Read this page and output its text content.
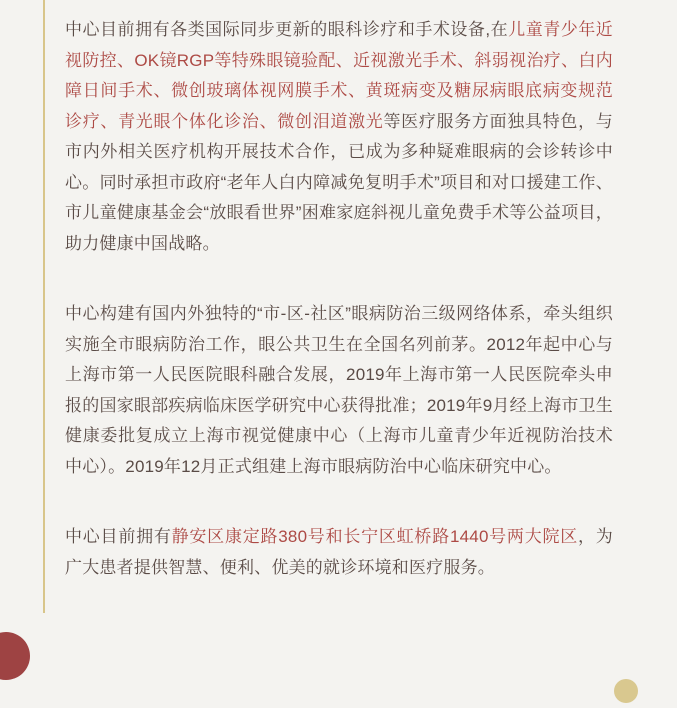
中心目前拥有各类国际同步更新的眼科诊疗和手术设备,在儿童青少年近视防控、OK镜RGP等特殊眼镜验配、近视激光手术、斜弱视治疗、白内障日间手术、微创玻璃体视网膜手术、黄斑病变及糖尿病眼底病变规范诊疗、青光眼个体化诊治、微创泪道激光等医疗服务方面独具特色，与市内外相关医疗机构开展技术合作，已成为多种疑难眼病的会诊转诊中心。同时承担市政府“老年人白内障减免复明手术”项目和对口援建工作、市儿童健康基金会“放眼看世界”困难家庭斜视儿童免费手术等公益项目，助力健康中国战略。

中心构建有国内外独特的“市-区-社区”眼病防治三级网络体系，牵头组织实施全市眼病防治工作，眼公共卫生在全国名列前茅。2012年起中心与上海市第一人民医院眼科融合发展，2019年上海市第一人民医院牵头申报的国家眼部疾病临床医学研究中心获得批准；2019年9月经上海市卫生健康委批复成立上海市视觉健康中心（上海市儿童青少年近视防治技术中心）。2019年12月正式组建上海市眼病防治中心临床研究中心。

中心目前拥有静安区康定路380号和长宁区虹桥路1440号两大院区，为广大患者提供智慧、便利、优美的就诊环境和医疗服务。
